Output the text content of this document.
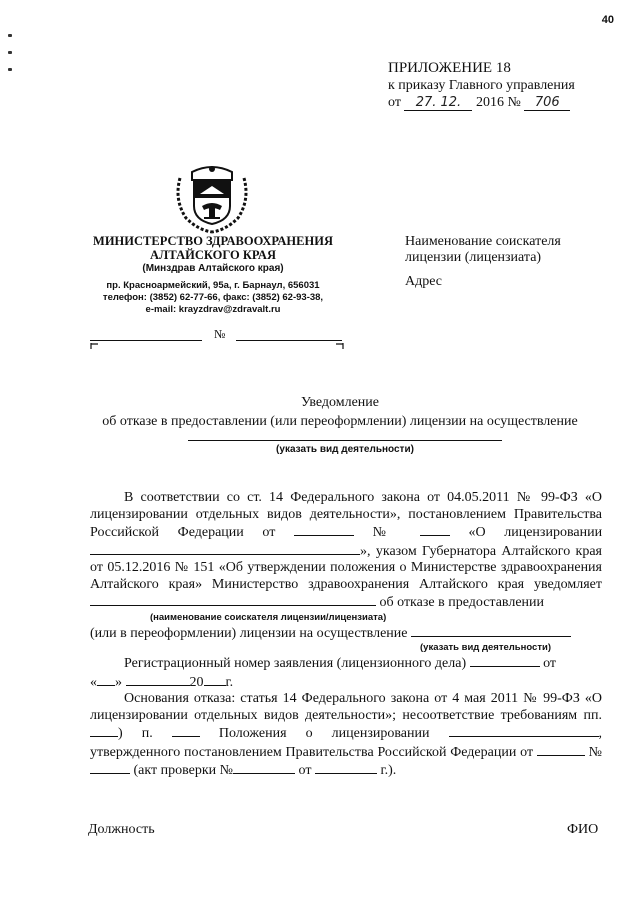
40
ПРИЛОЖЕНИЕ 18
к приказу Главного управления
от 27. 12. 2016 № 706
МИНИСТЕРСТВО ЗДРАВООХРАНЕНИЯ
АЛТАЙСКОГО КРАЯ
(Минздрав Алтайского края)
пр. Красноармейский, 95а, г. Барнаул, 656031
телефон: (3852) 62-77-66, факс: (3852) 62-93-38,
e-mail: krayzdrav@zdravalt.ru
Наименование соискателя лицензии (лицензиата)
Адрес
№
Уведомление
об отказе в предоставлении (или переоформлении) лицензии на осуществление
(указать вид деятельности)

В соответствии со ст. 14 Федерального закона от 04.05.2011 № 99-ФЗ «О лицензировании отдельных видов деятельности», постановлением Правительства Российской Федерации от	№	«О лицензировании », указом Губернатора Алтайского края от 05.12.2016 № 151 «Об утверждении положения о Министерстве здравоохранения Алтайского края» Министерство здравоохранения Алтайского края уведомляет  об отказе в предоставлении

(наименование соискателя лицензии/лицензиата)

(или в переоформлении) лицензии на осуществление

(указать вид деятельности)

Регистрационный номер заявления (лицензионного дела)	от

« »	20 г.

Основания отказа: статья 14 Федерального закона от 4 мая 2011 № 99-ФЗ «О лицензировании отдельных видов деятельности»; несоответствие требованиям пп. ) п.	Положения о лицензировании	, утвержденного постановлением Правительства Российской Федерации от	№  (акт проверки №	от	г.).

Должность	ФИО
